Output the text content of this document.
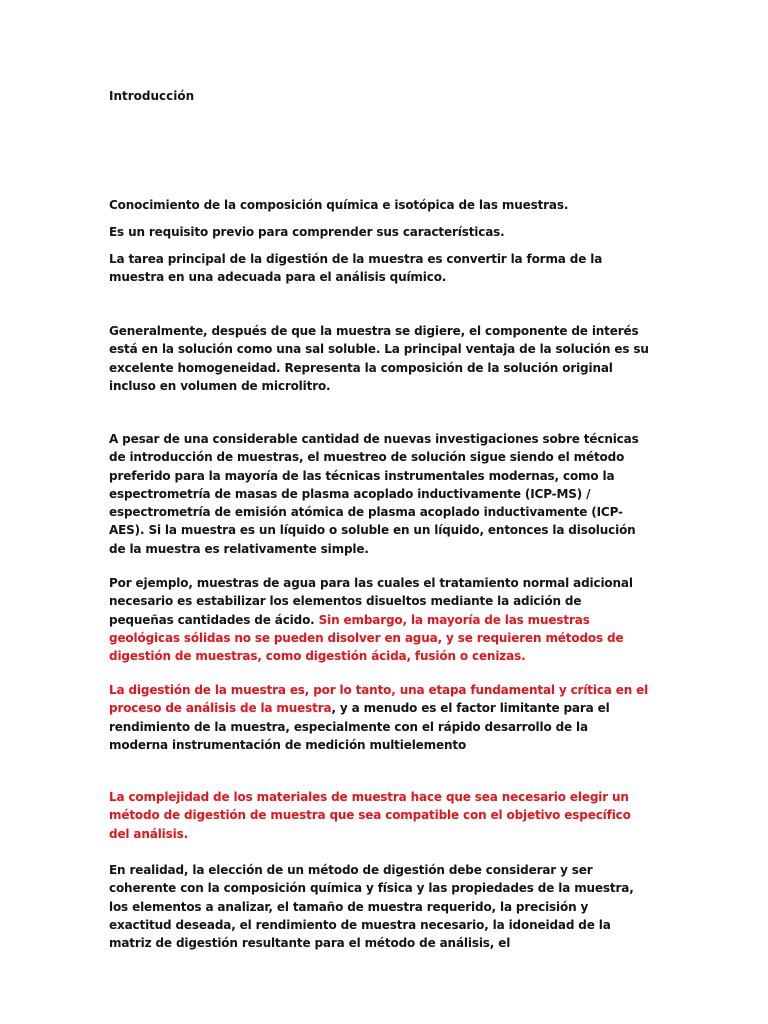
Introducción

Conocimiento de la composición química e isotópica de las muestras.

Es un requisito previo para comprender sus características.

La tarea principal de la digestión de la muestra es convertir la forma de la muestra en una adecuada para el análisis químico.

Generalmente, después de que la muestra se digiere, el componente de interés está en la solución como una sal soluble. La principal ventaja de la solución es su excelente homogeneidad. Representa la composición de la solución original incluso en volumen de microlitro.

A pesar de una considerable cantidad de nuevas investigaciones sobre técnicas de introducción de muestras, el muestreo de solución sigue siendo el método preferido para la mayoría de las técnicas instrumentales modernas, como la espectrometría de masas de plasma acoplado inductivamente (ICP-MS) / espectrometría de emisión atómica de plasma acoplado inductivamente (ICP-AES). Si la muestra es un líquido o soluble en un líquido, entonces la disolución de la muestra es relativamente simple.

Por ejemplo, muestras de agua para las cuales el tratamiento normal adicional necesario es estabilizar los elementos disueltos mediante la adición de pequeñas cantidades de ácido. Sin embargo, la mayoría de las muestras geológicas sólidas no se pueden disolver en agua, y se requieren métodos de digestión de muestras, como digestión ácida, fusión o cenizas.

La digestión de la muestra es, por lo tanto, una etapa fundamental y crítica en el proceso de análisis de la muestra, y a menudo es el factor limitante para el rendimiento de la muestra, especialmente con el rápido desarrollo de la moderna instrumentación de medición multielemento

La complejidad de los materiales de muestra hace que sea necesario elegir un método de digestión de muestra que sea compatible con el objetivo específico del análisis.

En realidad, la elección de un método de digestión debe considerar y ser coherente con la composición química y física y las propiedades de la muestra, los elementos a analizar, el tamaño de muestra requerido, la precisión y exactitud deseada, el rendimiento de muestra necesario, la idoneidad de la matriz de digestión resultante para el método de análisis, el
